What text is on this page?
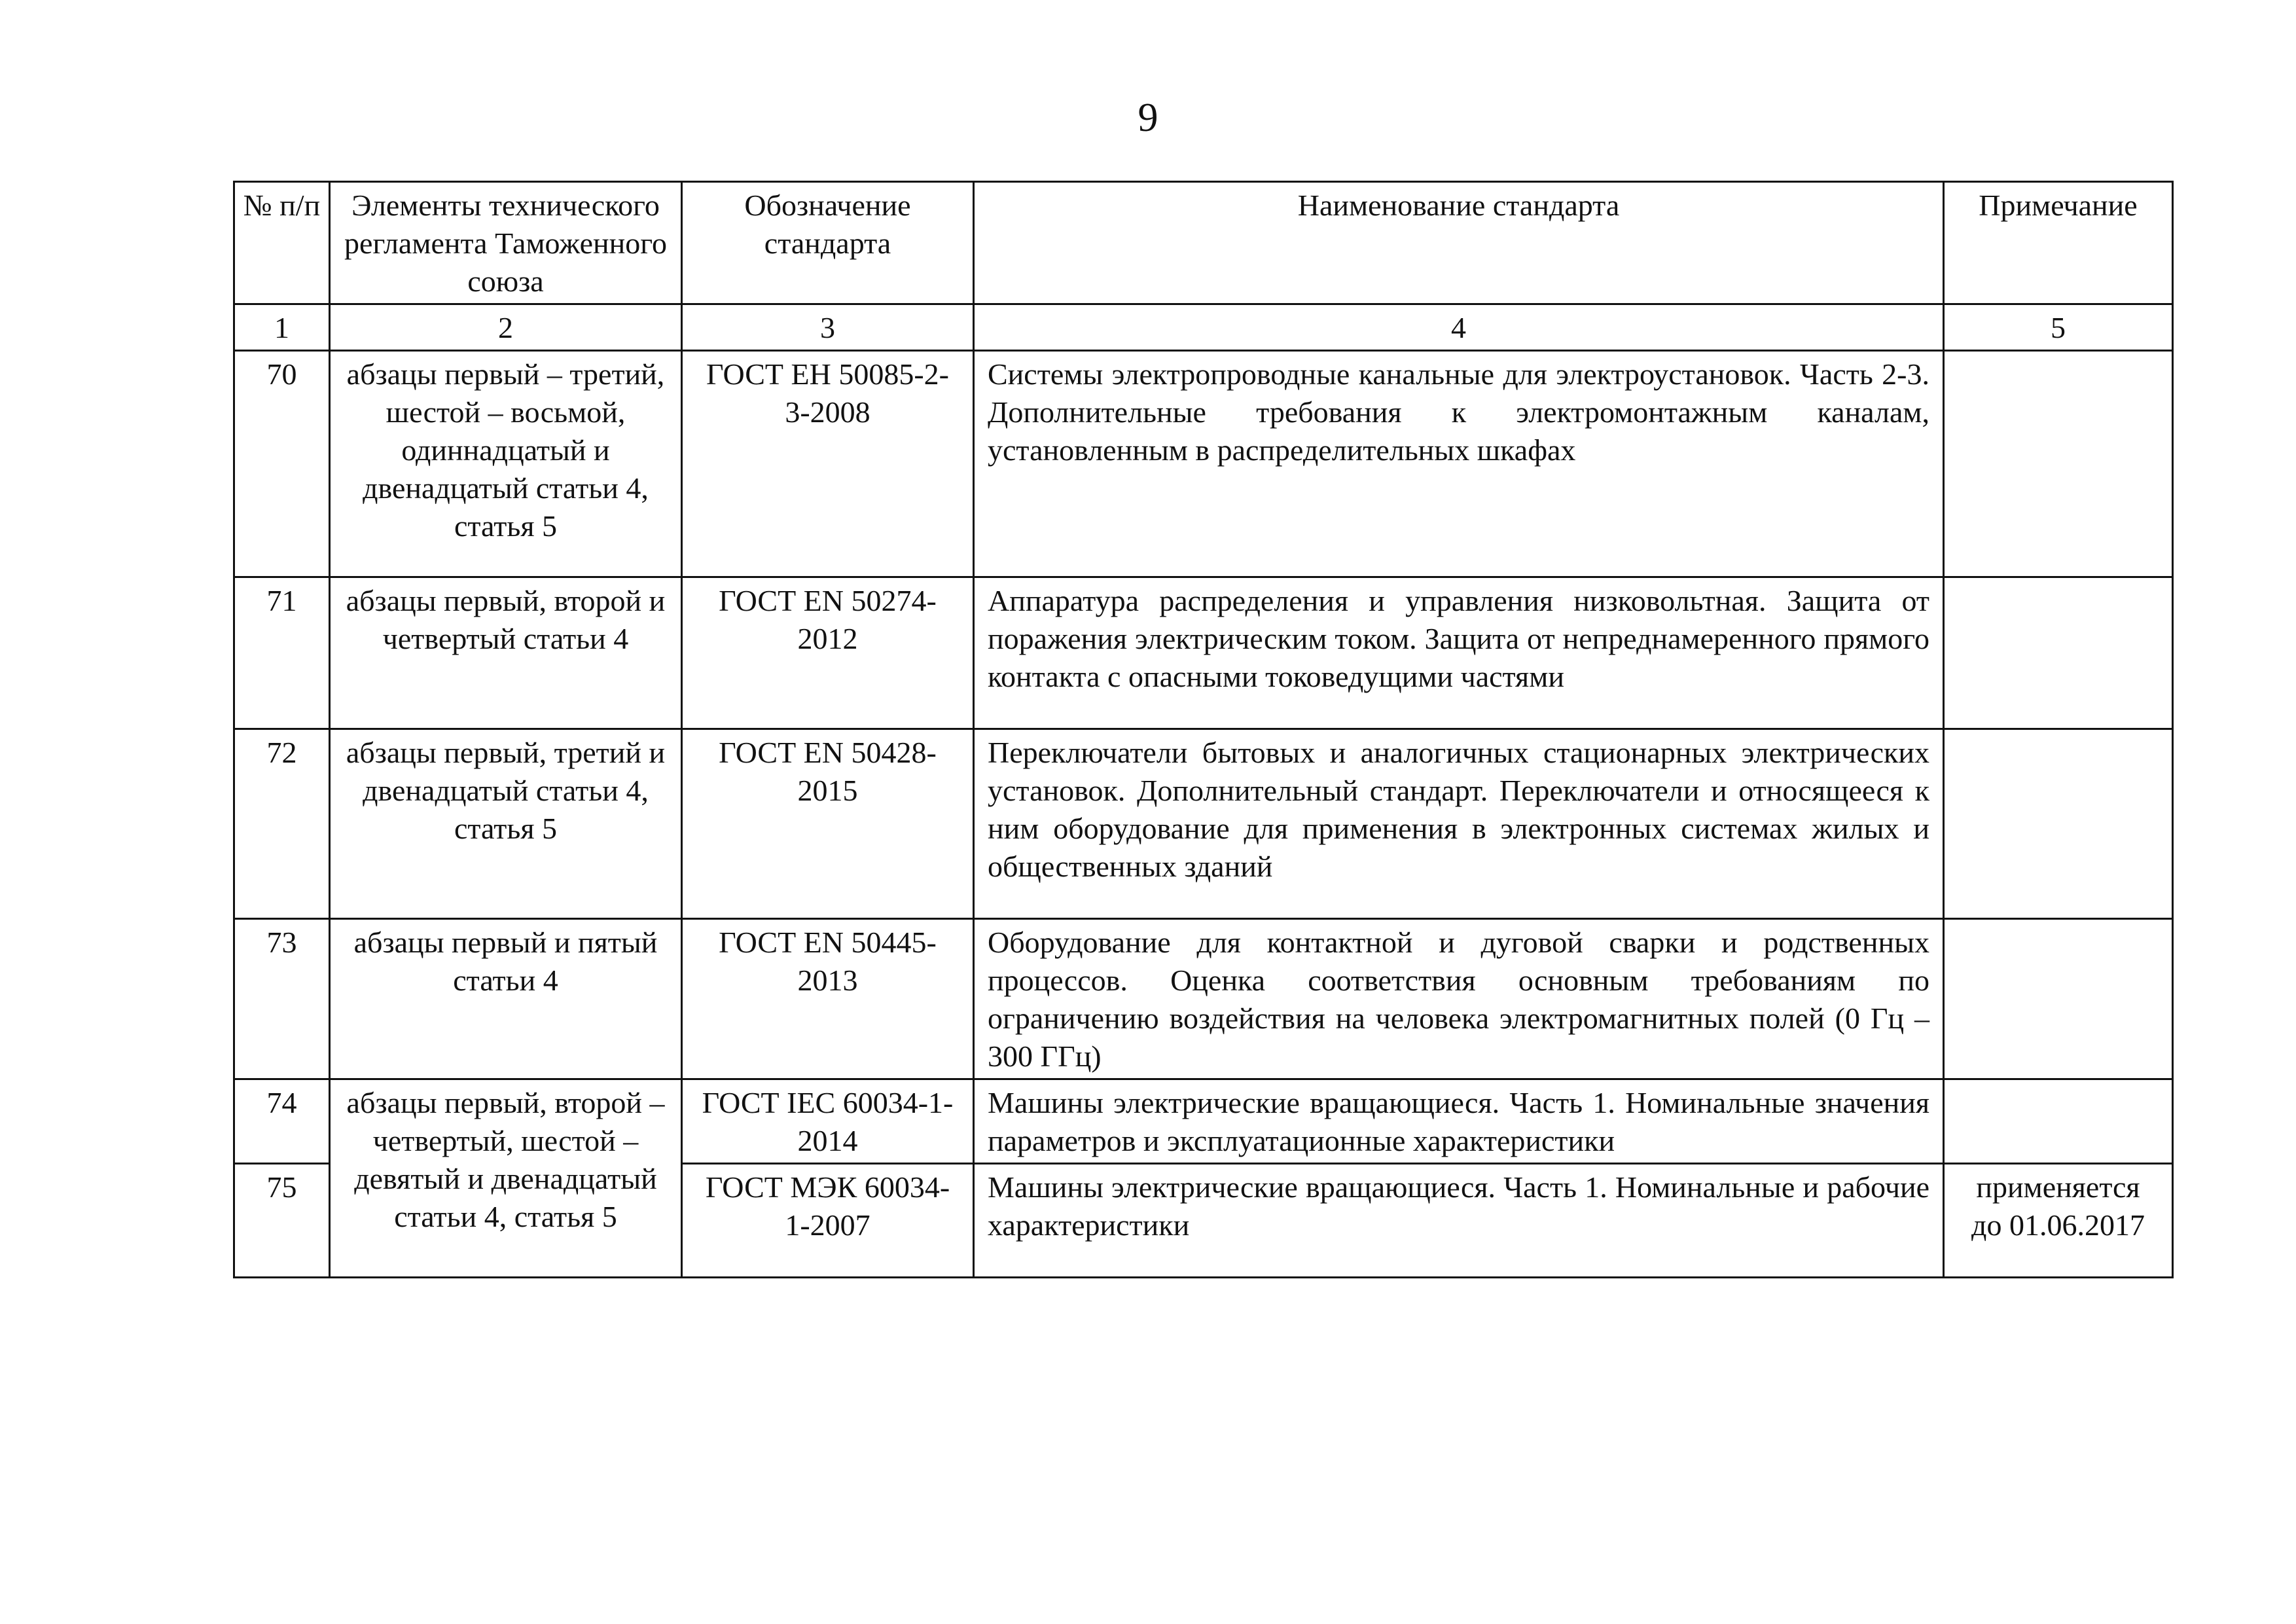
9
№ п/п	Элементы технического регламента Таможенного союза	Обозначение стандарта	Наименование стандарта	Примечание
1	2	3	4	5
70	абзацы первый – третий, шестой – восьмой, одиннадцатый и двенадцатый статьи 4, статья 5	ГОСТ ЕН 50085-2-3-2008	Системы электропроводные канальные для электроустановок. Часть 2-3. Дополнительные требования к электромонтажным каналам, установленным в распределительных шкафах	
71	абзацы первый, второй и четвертый статьи 4	ГОСТ EN 50274-2012	Аппаратура распределения и управления низковольтная. Защита от поражения электрическим током. Защита от непреднамеренного прямого контакта с опасными токоведущими частями	
72	абзацы первый, третий и двенадцатый статьи 4, статья 5	ГОСТ EN 50428-2015	Переключатели бытовых и аналогичных стационарных электрических установок. Дополнительный стандарт. Переключатели и относящееся к ним оборудование для применения в электронных системах жилых и общественных зданий	
73	абзацы первый и пятый статьи 4	ГОСТ EN 50445-2013	Оборудование для контактной и дуговой сварки и родственных процессов. Оценка соответствия основным требованиям по ограничению воздействия на человека электромагнитных полей (0 Гц – 300 ГГц)	
74	абзацы первый, второй – четвертый, шестой – девятый и двенадцатый статьи 4, статья 5	ГОСТ IEC 60034-1-2014	Машины электрические вращающиеся. Часть 1. Номинальные значения параметров и эксплуатационные характеристики	
75		ГОСТ МЭК 60034-1-2007	Машины электрические вращающиеся. Часть 1. Номинальные и рабочие характеристики	применяется до 01.06.2017
